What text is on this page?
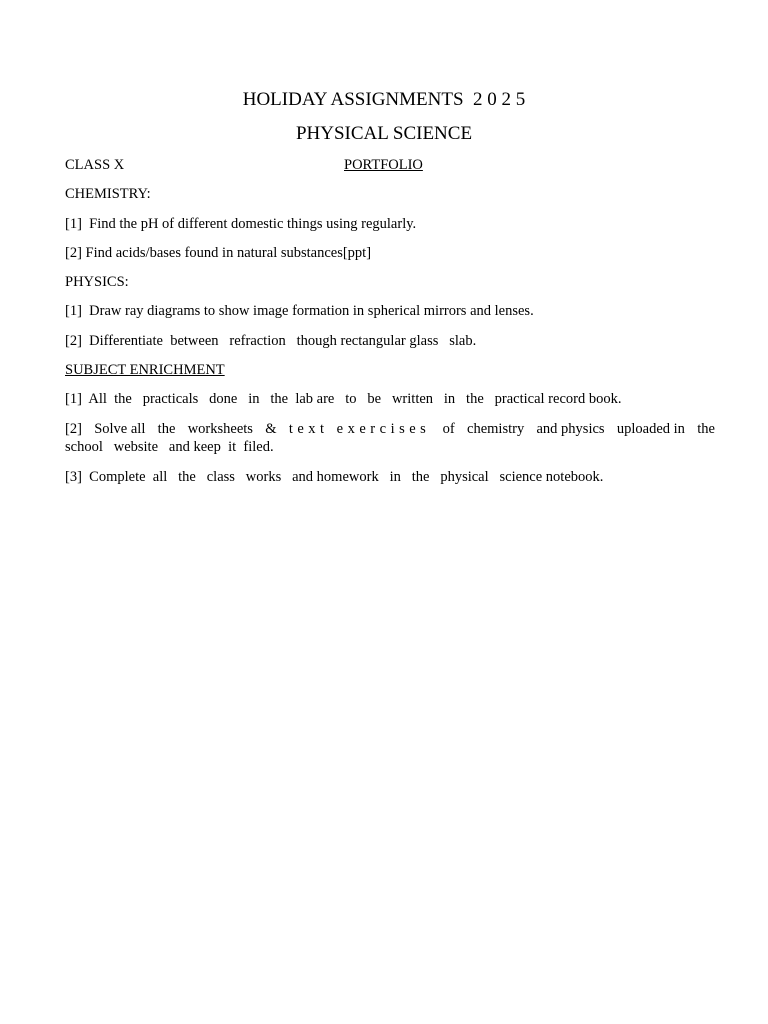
HOLIDAY ASSIGNMENTS  2 0 2 5
PHYSICAL SCIENCE
CLASS X	PORTFOLIO
CHEMISTRY:
[1]  Find the pH of different domestic things using regularly.
[2] Find acids/bases found in natural substances[ppt]
PHYSICS:
[1]  Draw ray diagrams to show image formation in spherical mirrors and lenses.
[2]  Differentiate  between   refraction   though rectangular glass   slab.
SUBJECT ENRICHMENT
[1]  All  the   practicals   done   in   the  lab are   to   be   written   in   the   practical record book.
[2] Solve all the worksheets & text exercises of chemistry and physics uploaded in the
school   website   and keep  it  filed.
[3]  Complete  all   the   class   works   and homework   in   the   physical   science notebook.
